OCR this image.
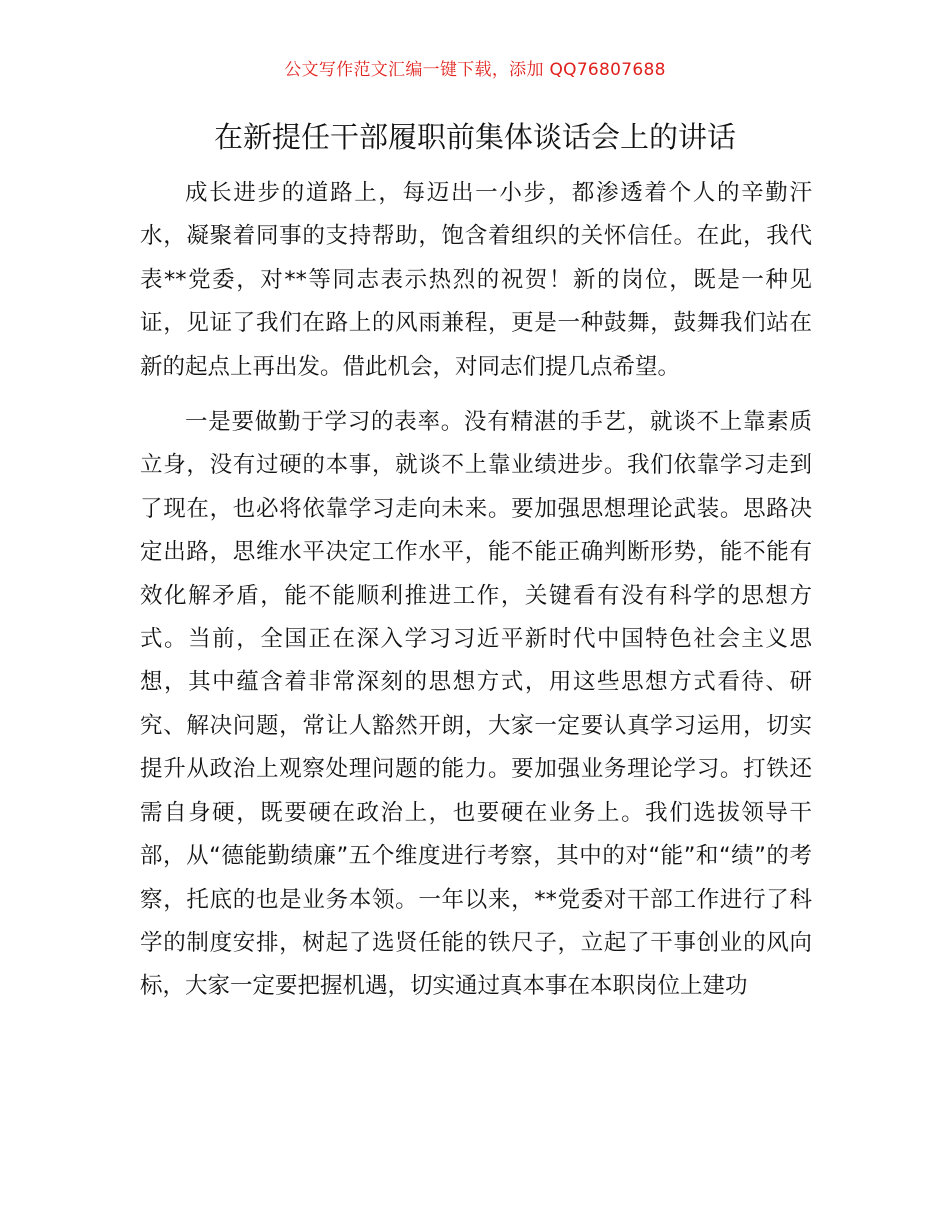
公文写作范文汇编一键下载，添加 QQ76807688
在新提任干部履职前集体谈话会上的讲话

成长进步的道路上，每迈出一小步，都渗透着个人的辛勤汗水，凝聚着同事的支持帮助，饱含着组织的关怀信任。在此，我代表**党委，对**等同志表示热烈的祝贺！新的岗位，既是一种见证，见证了我们在路上的风雨兼程，更是一种鼓舞，鼓舞我们站在新的起点上再出发。借此机会，对同志们提几点希望。

一是要做勤于学习的表率。没有精湛的手艺，就谈不上靠素质立身，没有过硬的本事，就谈不上靠业绩进步。我们依靠学习走到了现在，也必将依靠学习走向未来。要加强思想理论武装。思路决定出路，思维水平决定工作水平，能不能正确判断形势，能不能有效化解矛盾，能不能顺利推进工作，关键看有没有科学的思想方式。当前，全国正在深入学习习近平新时代中国特色社会主义思想，其中蕴含着非常深刻的思想方式，用这些思想方式看待、研究、解决问题，常让人豁然开朗，大家一定要认真学习运用，切实提升从政治上观察处理问题的能力。要加强业务理论学习。打铁还需自身硬，既要硬在政治上，也要硬在业务上。我们选拔领导干部，从“德能勤绩廉”五个维度进行考察，其中的对“能”和“绩”的考察，托底的也是业务本领。一年以来，**党委对干部工作进行了科学的制度安排，树起了选贤任能的铁尺子，立起了干事创业的风向标，大家一定要把握机遇，切实通过真本事在本职岗位上建功
